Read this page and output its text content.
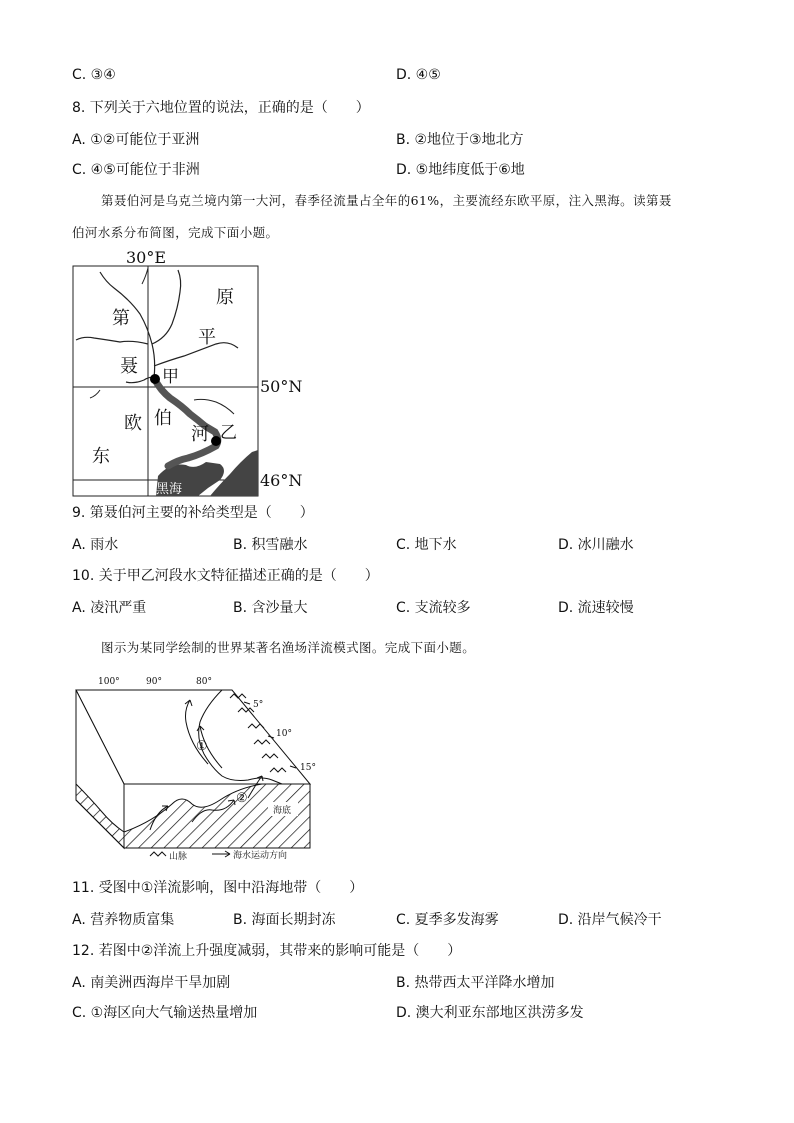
C. ③④	D. ④⑤
8. 下列关于六地位置的说法，正确的是（　　）
A. ①②可能位于亚洲	B. ②地位于③地北方
C. ④⑤可能位于非洲	D. ⑤地纬度低于⑥地
第聂伯河是乌克兰境内第一大河，春季径流量占全年的61%，主要流经东欧平原，注入黑海。读第聂
伯河水系分布简图，完成下面小题。
30°E
50°N
46°N
黑海
甲
乙
第
聂
欧
东
伯
河
原
平
9. 第聂伯河主要的补给类型是（　　）
A. 雨水	B. 积雪融水	C. 地下水	D. 冰川融水
10. 关于甲乙河段水文特征描述正确的是（　　）
A. 凌汛严重	B. 含沙量大	C. 支流较多	D. 流速较慢
图示为某同学绘制的世界某著名渔场洋流模式图。完成下面小题。
100°	90°	80°
5°
10°
15°
①
②
海底
山脉	海水运动方向
11. 受图中①洋流影响，图中沿海地带（　　）
A. 营养物质富集	B. 海面长期封冻	C. 夏季多发海雾	D. 沿岸气候冷干
12. 若图中②洋流上升强度减弱，其带来的影响可能是（　　）
A. 南美洲西海岸干旱加剧	B. 热带西太平洋降水增加
C. ①海区向大气输送热量增加	D. 澳大利亚东部地区洪涝多发
